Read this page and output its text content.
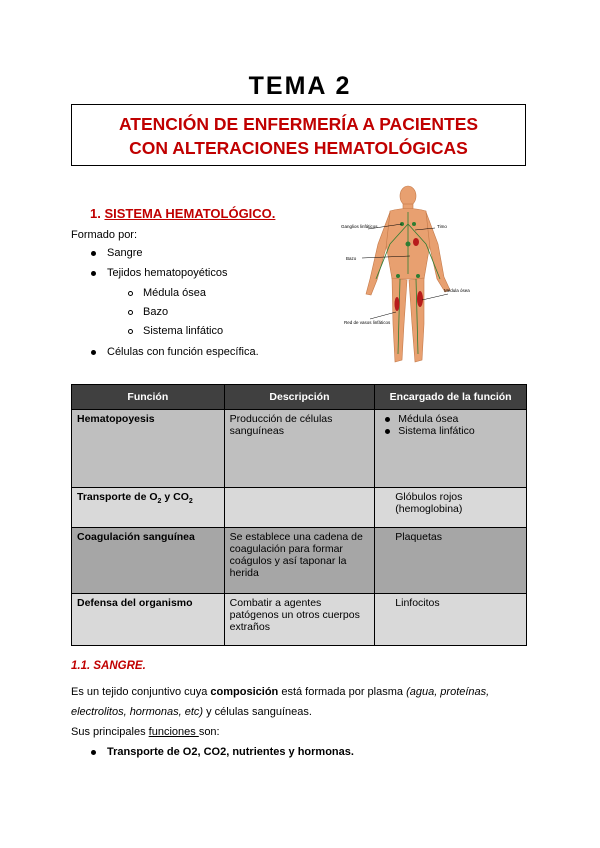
TEMA 2
ATENCIÓN DE ENFERMERÍA A PACIENTES
CON ALTERACIONES HEMATOLÓGICAS
1. SISTEMA HEMATOLÓGICO.
Formado por:
Sangre
Tejidos hematopoyéticos
Médula ósea
Bazo
Sistema linfático
Células con función específica.
Ganglios linfáticos	Timo
Bazo
Médula ósea
Red de vasos linfáticos
Función	Descripción	Encargado de la función
Hematopoyesis	Producción de células sanguíneas	Médula ósea
Sistema linfático

Transporte de $O_2$ y $CO_2$		Glóbulos rojos (hemoglobina)
Coagulación sanguínea	Se establece una cadena de coagulación para formar coágulos y así taponar la herida	Plaquetas
Defensa del organismo	Combatir a agentes patógenos un otros cuerpos extraños	Linfocitos
1.1. SANGRE.
Es un tejido conjuntivo cuya composición está formada por plasma (agua, proteínas, electrolitos, hormonas, etc) y células sanguíneas.
Sus principales funciones son:
Transporte de O2, CO2, nutrientes y hormonas.
